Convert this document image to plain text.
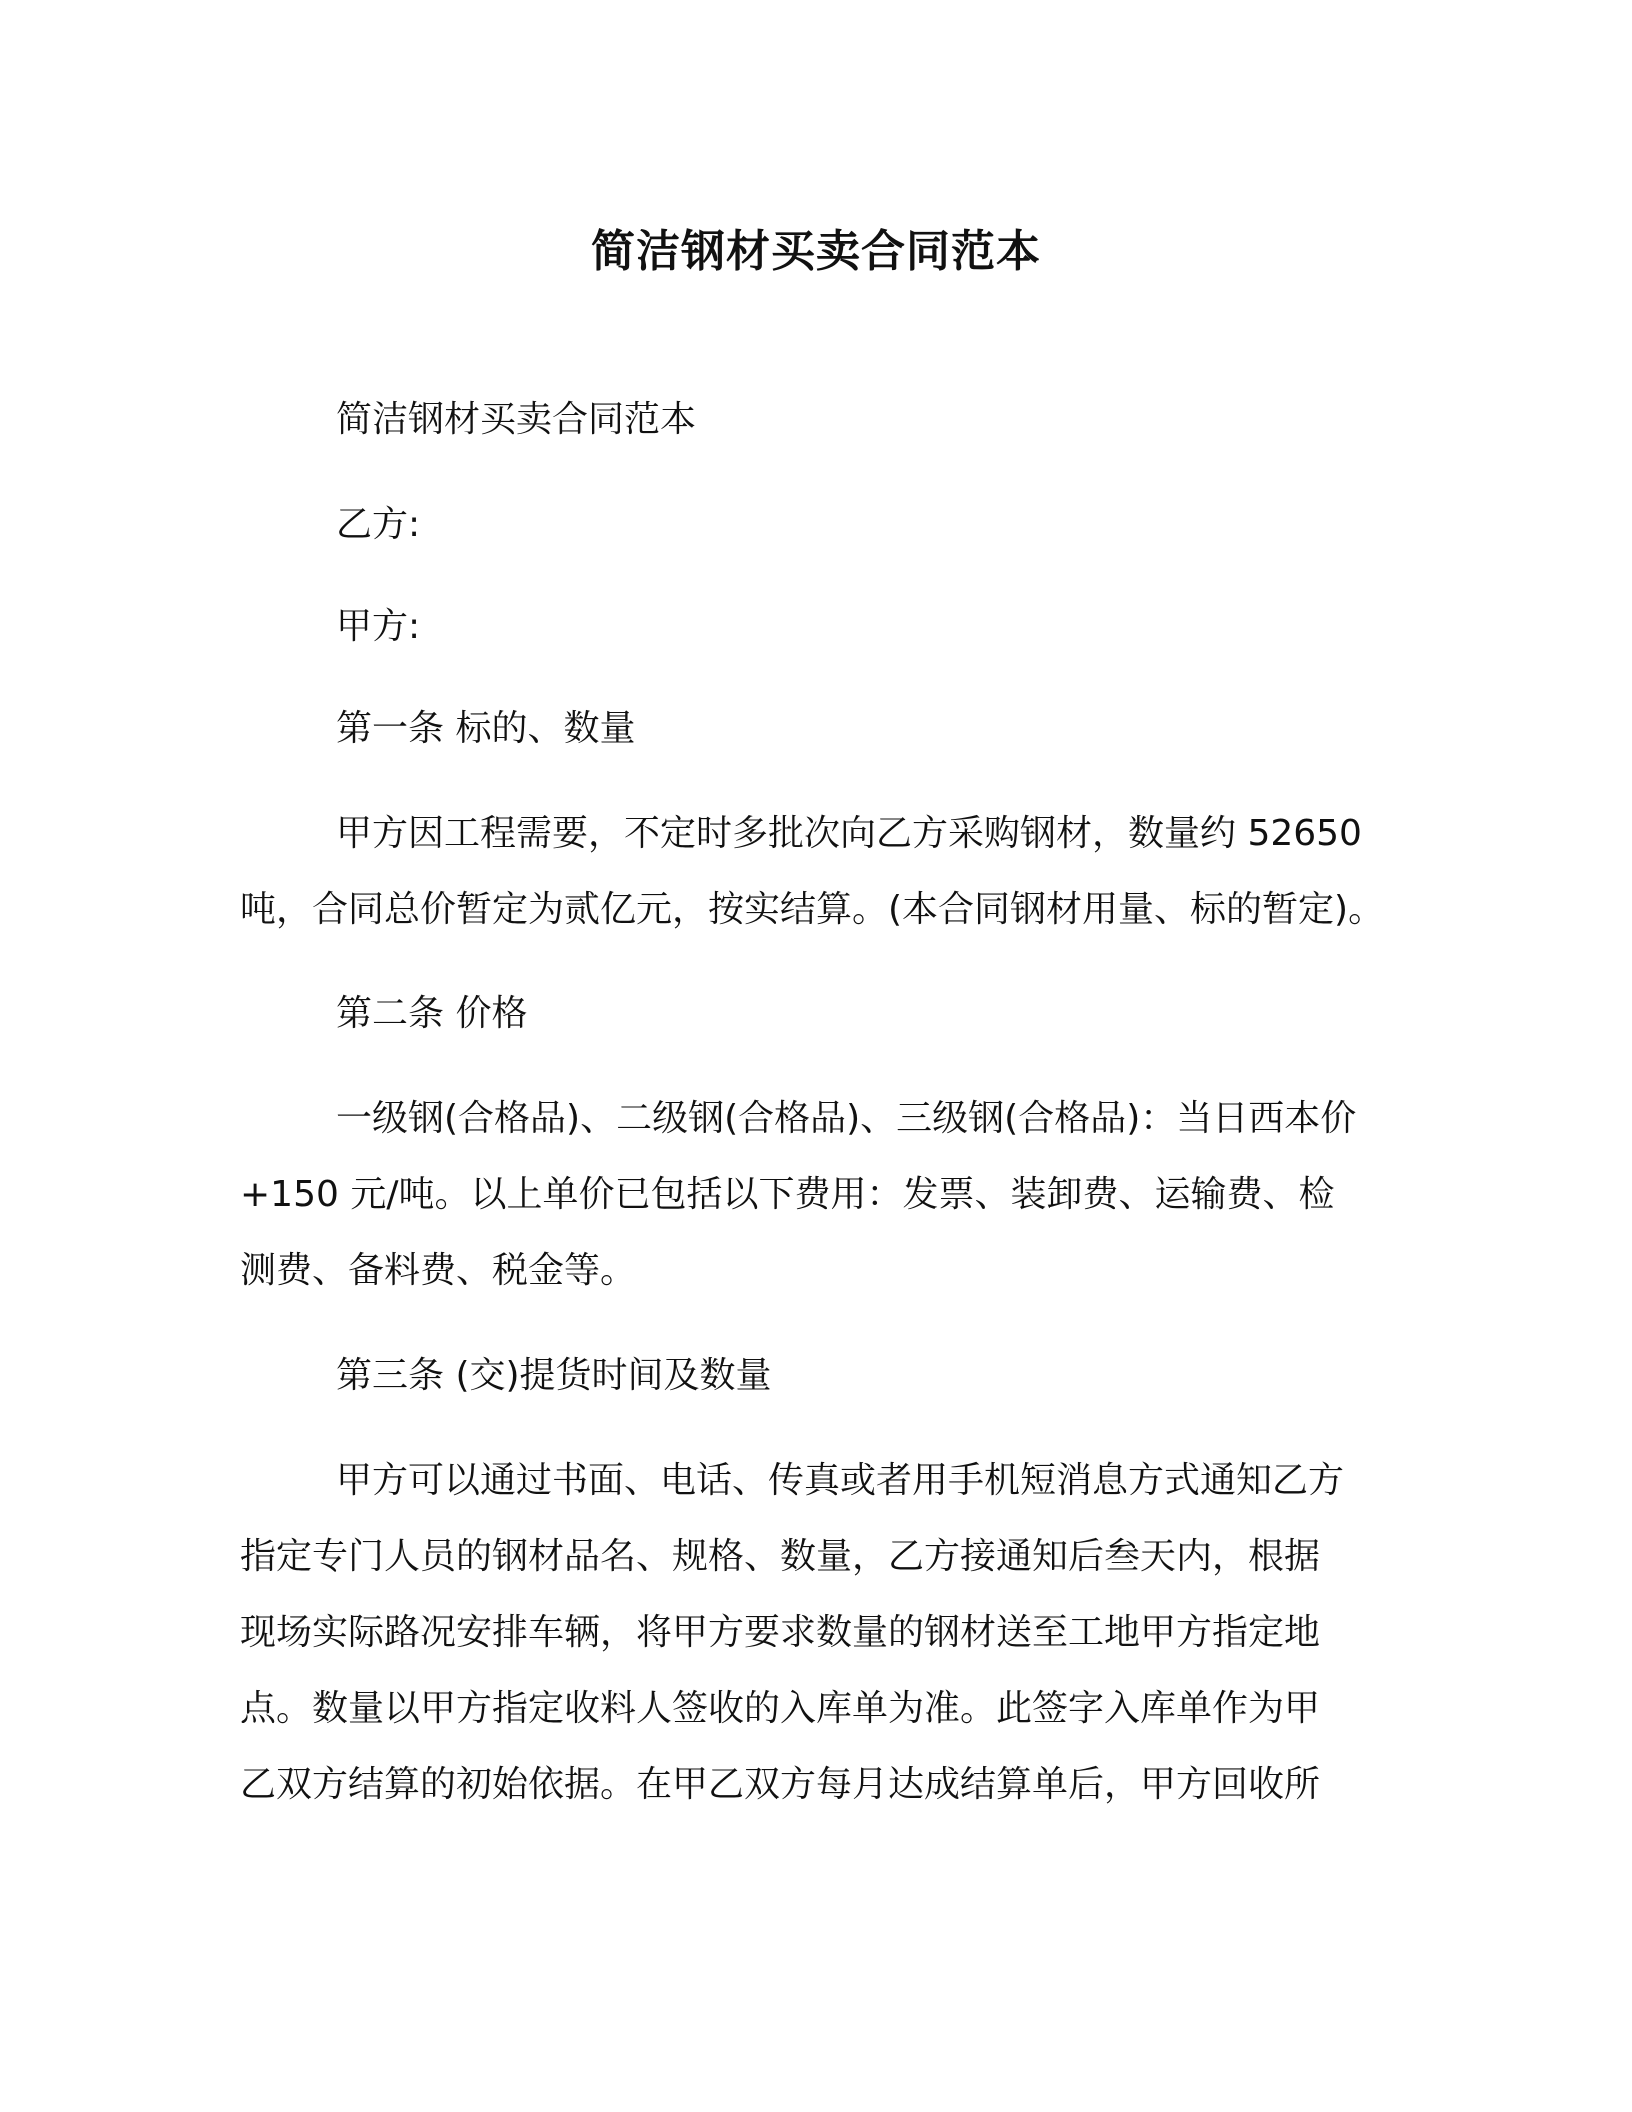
简洁钢材买卖合同范本

简洁钢材买卖合同范本

乙方:

甲方:

第一条 标的、数量

甲方因工程需要，不定时多批次向乙方采购钢材，数量约 52650

吨，合同总价暂定为贰亿元，按实结算。(本合同钢材用量、标的暂定)。

第二条 价格

一级钢(合格品)、二级钢(合格品)、三级钢(合格品)：当日西本价

+150 元/吨。以上单价已包括以下费用：发票、装卸费、运输费、检

测费、备料费、税金等。

第三条 (交)提货时间及数量

甲方可以通过书面、电话、传真或者用手机短消息方式通知乙方

指定专门人员的钢材品名、规格、数量，乙方接通知后叁天内，根据

现场实际路况安排车辆，将甲方要求数量的钢材送至工地甲方指定地

点。数量以甲方指定收料人签收的入库单为准。此签字入库单作为甲

乙双方结算的初始依据。在甲乙双方每月达成结算单后，甲方回收所
